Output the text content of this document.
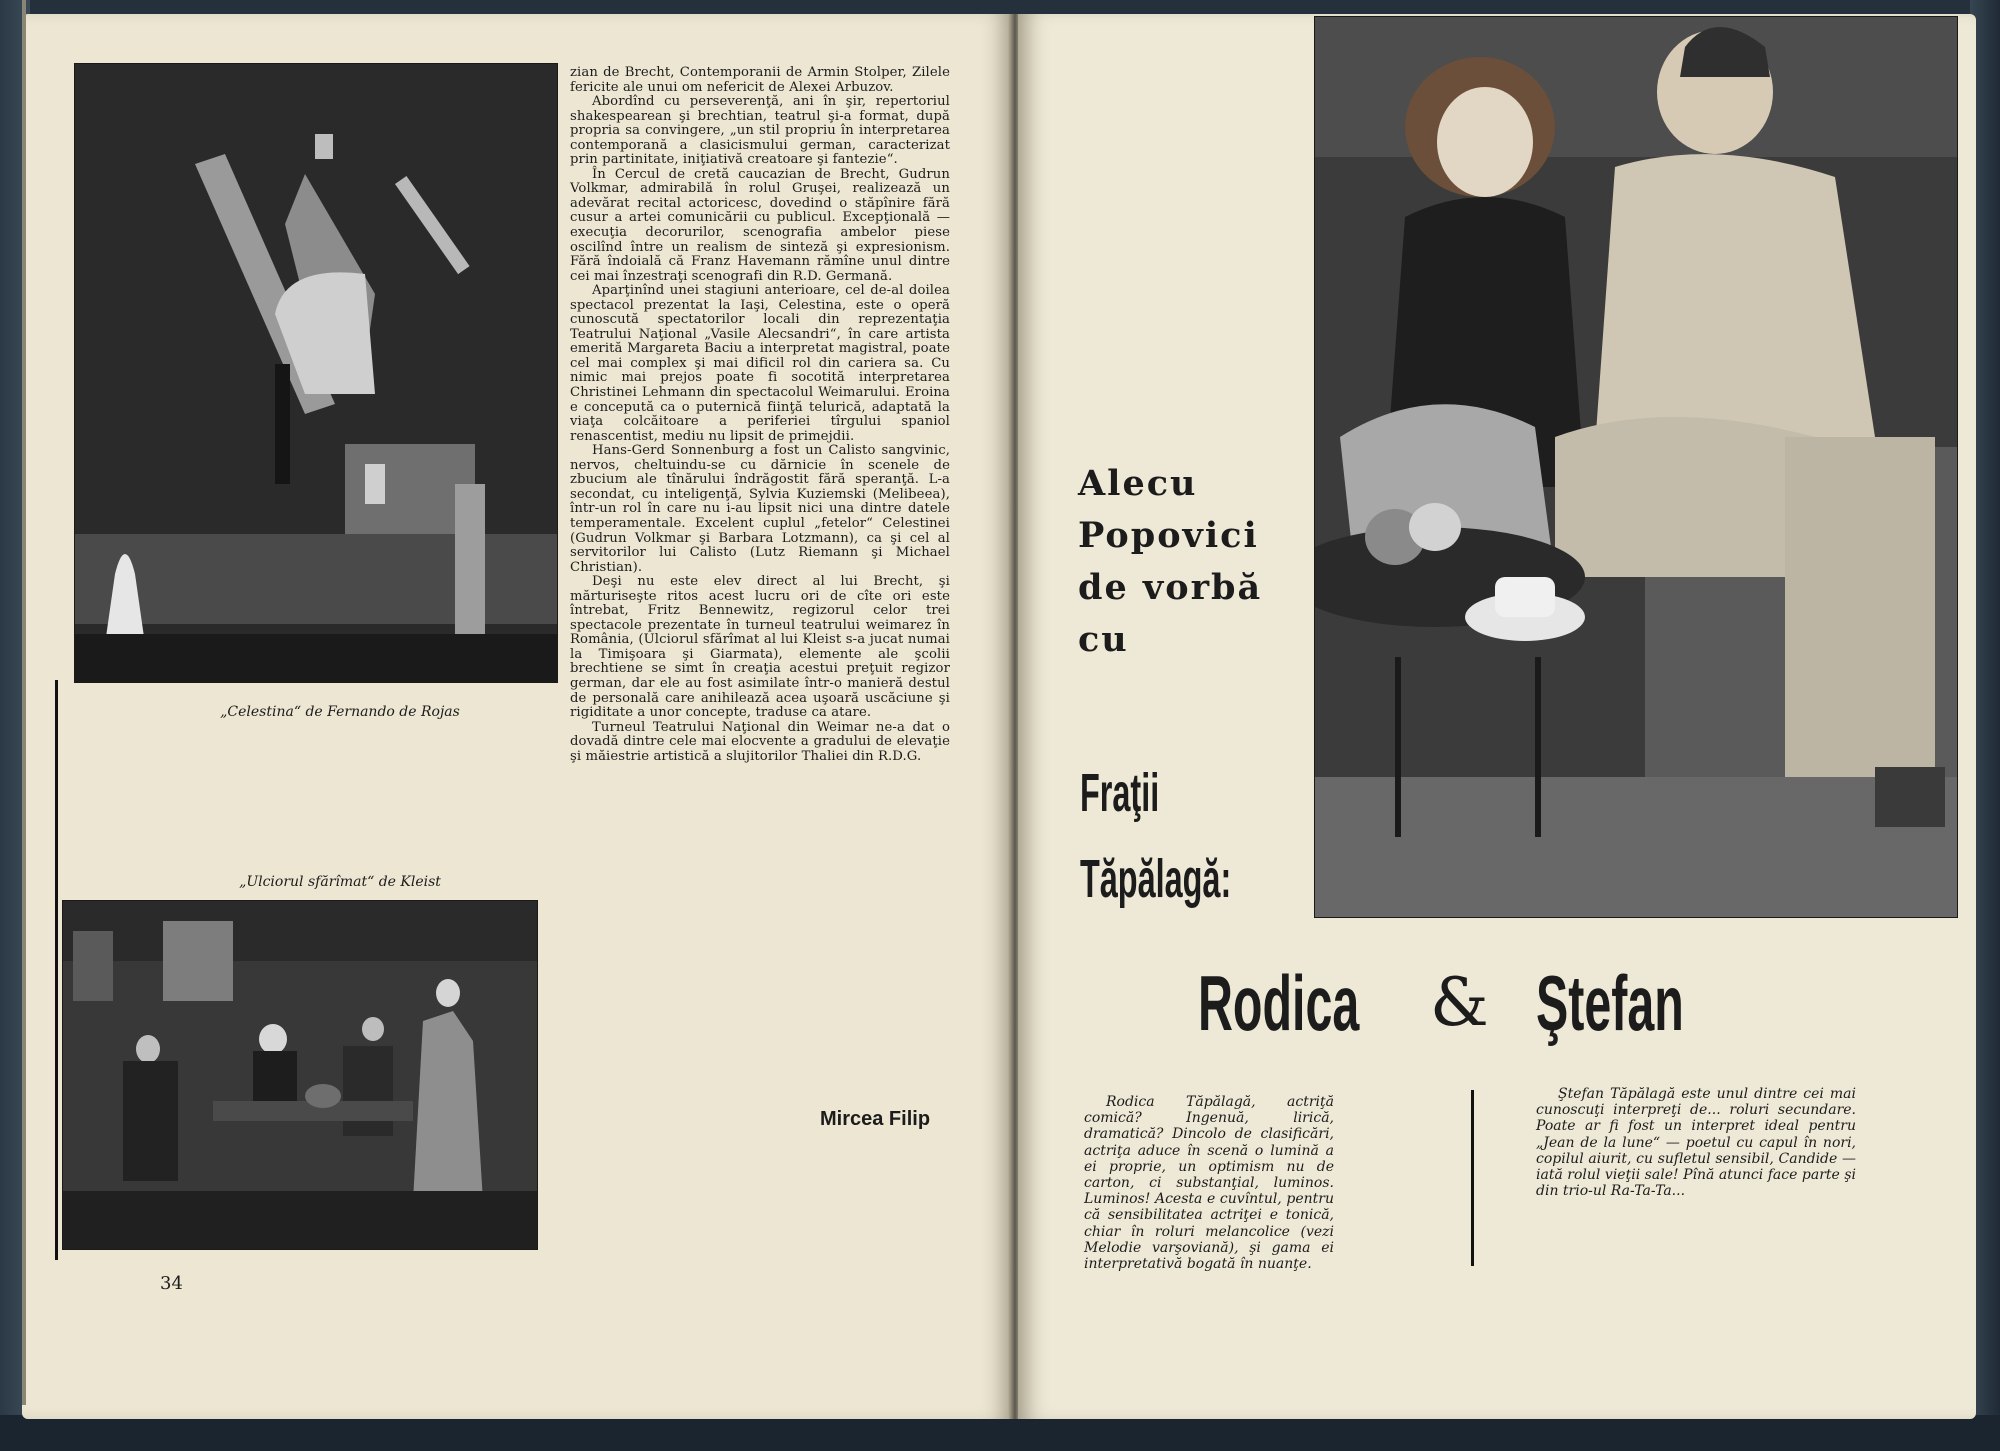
„Celestina“ de Fernando de Rojas
„Ulciorul sfărîmat“ de Kleist

zian de Brecht, Contemporanii de Armin Stolper, Zilele fericite ale unui om nefericit de Alexei Arbuzov.

Abordînd cu perseverenţă, ani în şir, repertoriul shakespearean şi brechtian, teatrul şi-a format, după propria sa convingere, „un stil propriu în interpretarea contemporană a clasicismului german, caracterizat prin partinitate, iniţiativă creatoare şi fantezie“.

În Cercul de cretă caucazian de Brecht, Gudrun Volkmar, admirabilă în rolul Gruşei, realizează un adevărat recital actoricesc, dovedind o stăpînire fără cusur a artei comunicării cu publicul. Excepţională — execuţia decorurilor, scenografia ambelor piese oscilînd între un realism de sinteză şi expresionism. Fără îndoială că Franz Havemann rămîne unul dintre cei mai înzestraţi scenografi din R.D. Germană.

Aparţinînd unei stagiuni anterioare, cel de-al doilea spectacol prezentat la Iaşi, Celestina, este o operă cunoscută spectatorilor locali din reprezentaţia Teatrului Naţional „Vasile Alecsandri“, în care artista emerită Margareta Baciu a interpretat magistral, poate cel mai complex şi mai dificil rol din cariera sa. Cu nimic mai prejos poate fi socotită interpretarea Christinei Lehmann din spectacolul Weimarului. Eroina e concepută ca o puternică fiinţă telurică, adaptată la viaţa colcăitoare a periferiei tîrgului spaniol renascentist, mediu nu lipsit de primejdii.

Hans-Gerd Sonnenburg a fost un Calisto sangvinic, nervos, cheltuindu-se cu dărnicie în scenele de zbucium ale tînărului îndrăgostit fără speranţă. L-a secondat, cu inteligenţă, Sylvia Kuziemski (Melibeea), într-un rol în care nu i-au lipsit nici una dintre datele temperamentale. Excelent cuplul „fetelor“ Celestinei (Gudrun Volkmar şi Barbara Lotzmann), ca şi cel al servitorilor lui Calisto (Lutz Riemann şi Michael Christian).

Deşi nu este elev direct al lui Brecht, şi mărturiseşte ritos acest lucru ori de cîte ori este întrebat, Fritz Bennewitz, regizorul celor trei spectacole prezentate în turneul teatrului weimarez în România, (Ulciorul sfărîmat al lui Kleist s-a jucat numai la Timişoara şi Giarmata), elemente ale şcolii brechtiene se simt în creaţia acestui preţuit regizor german, dar ele au fost asimilate într-o manieră destul de personală care anihilează acea uşoară uscăciune şi rigiditate a unor concepte, traduse ca atare.

Turneul Teatrului Naţional din Weimar ne-a dat o dovadă dintre cele mai elocvente a gradului de elevaţie şi măiestrie artistică a slujitorilor Thaliei din R.D.G.

Mircea Filip
34
Alecu
Popovici
de vorbă
cu
Fraţii
Tăpălagă:
Rodica & Ştefan

Rodica Tăpălagă, actriţă comică? Ingenuă, lirică, dramatică? Dincolo de clasificări, actriţa aduce în scenă o lumină a ei proprie, un optimism nu de carton, ci substanţial, luminos. Luminos! Acesta e cuvîntul, pentru că sensibilitatea actriţei e tonică, chiar în roluri melancolice (vezi Melodie varşoviană), şi gama ei interpretativă bogată în nuanţe.

Ştefan Tăpălagă este unul dintre cei mai cunoscuţi interpreţi de... roluri secundare. Poate ar fi fost un interpret ideal pentru „Jean de la lune“ — poetul cu capul în nori, copilul aiurit, cu sufletul sensibil, Candide — iată rolul vieţii sale! Pînă atunci face parte şi din trio-ul Ra-Ta-Ta...
